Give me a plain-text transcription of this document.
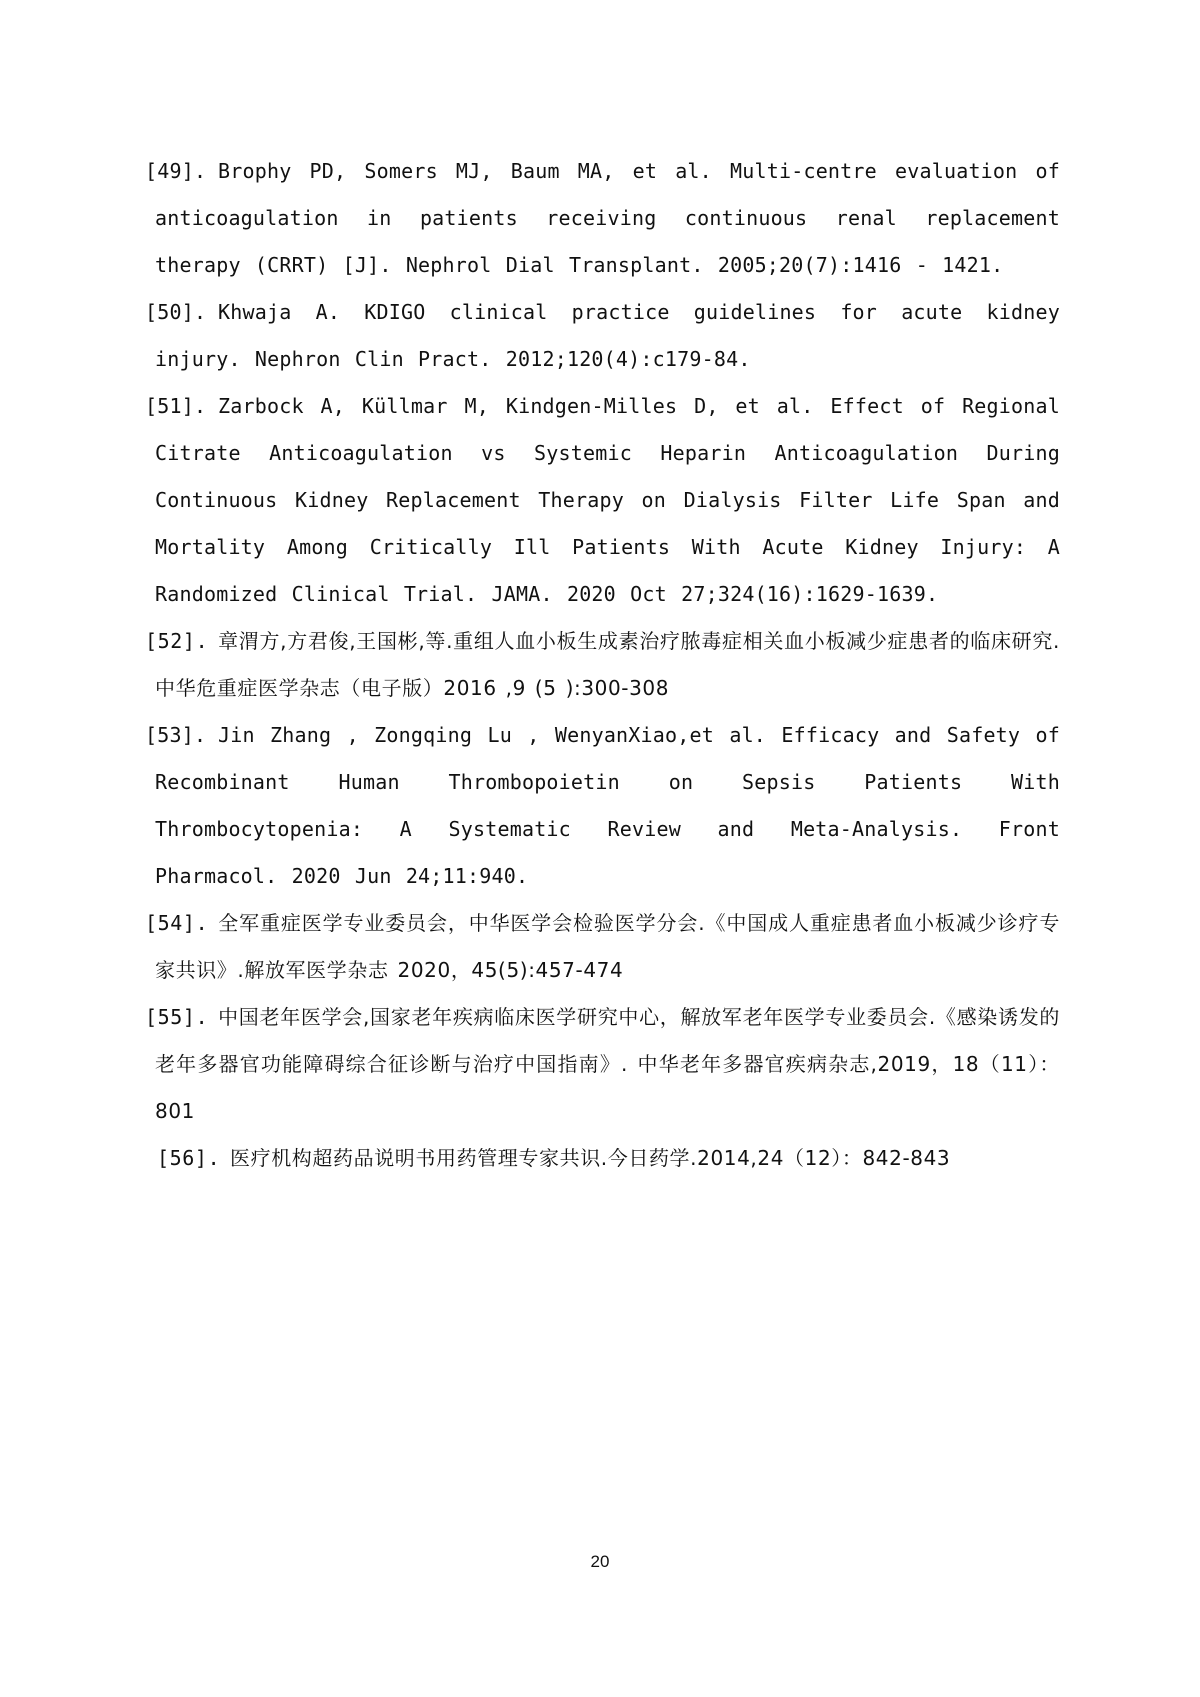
[49]. Brophy PD, Somers MJ, Baum MA, et al. Multi-centre evaluation of anticoagulation in patients receiving continuous renal replacement therapy (CRRT) [J]. Nephrol Dial Transplant. 2005;20(7):1416 - 1421.
[50]. Khwaja A. KDIGO clinical practice guidelines for acute kidney injury. Nephron Clin Pract. 2012;120(4):c179-84.
[51]. Zarbock A, Küllmar M, Kindgen-Milles D, et al. Effect of Regional Citrate Anticoagulation vs Systemic Heparin Anticoagulation During Continuous Kidney Replacement Therapy on Dialysis Filter Life Span and Mortality Among Critically Ill Patients With Acute Kidney Injury: A Randomized Clinical Trial. JAMA. 2020 Oct 27;324(16):1629-1639.
[52]. 章渭方,方君俊,王国彬,等.重组人血小板生成素治疗脓毒症相关血小板减少症患者的临床研究. 中华危重症医学杂志（电子版）2016 ,9 (5 ):300-308
[53]. Jin Zhang , Zongqing Lu , WenyanXiao,et al. Efficacy and Safety of Recombinant Human Thrombopoietin on Sepsis Patients With Thrombocytopenia: A Systematic Review and Meta-Analysis. Front Pharmacol. 2020 Jun 24;11:940.
[54]. 全军重症医学专业委员会，中华医学会检验医学分会.《中国成人重症患者血小板减少诊疗专家共识》.解放军医学杂志 2020，45(5):457-474
[55]. 中国老年医学会,国家老年疾病临床医学研究中心，解放军老年医学专业委员会.《感染诱发的老年多器官功能障碍综合征诊断与治疗中国指南》. 中华老年多器官疾病杂志,2019，18（11）：801
[56]. 医疗机构超药品说明书用药管理专家共识.今日药学.2014,24（12）：842-843
20
